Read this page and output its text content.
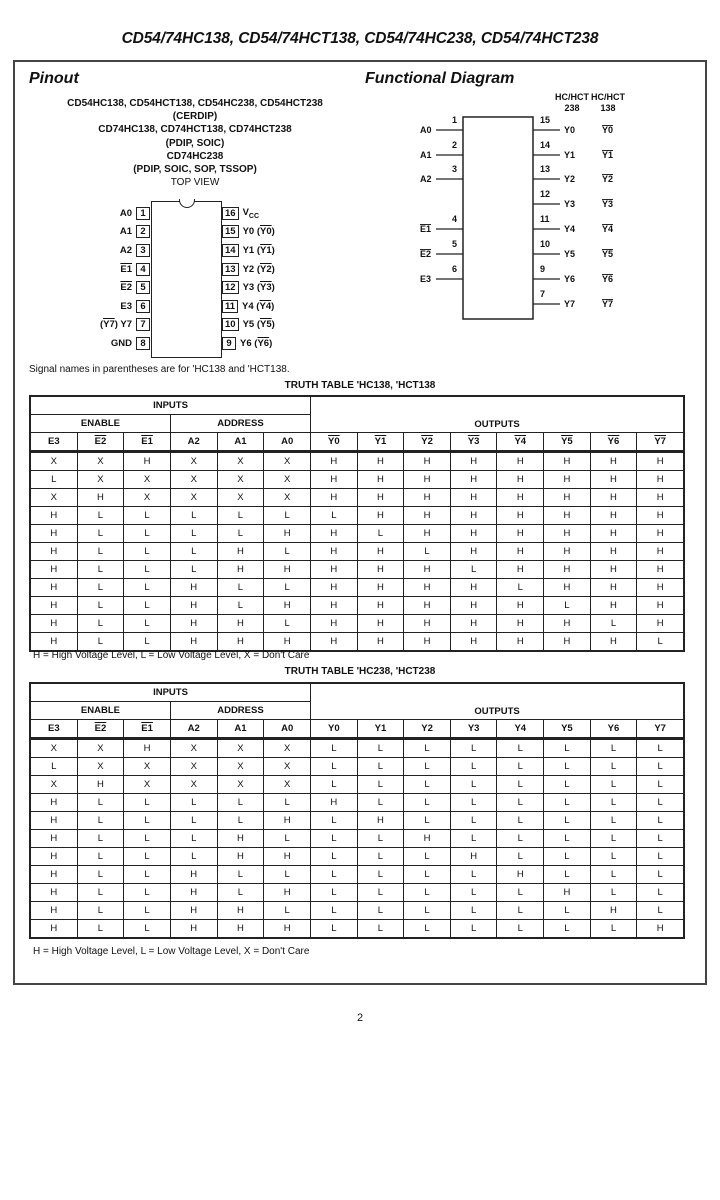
CD54/74HC138, CD54/74HCT138, CD54/74HC238, CD54/74HCT238
Pinout
CD54HC138, CD54HCT138, CD54HC238, CD54HCT238
(CERDIP)
CD74HC138, CD74HCT138, CD74HCT238
(PDIP, SOIC)
CD74HC238
(PDIP, SOIC, SOP, TSSOP)
TOP VIEW
A0 1
A1 2
A2 3
E1 4
E2 5
E3 6
(Y7) Y7 7
GND 8
16 $V_{CC}$
15 Y0 (Y0)
14 Y1 (Y1)
13 Y2 (Y2)
12 Y3 (Y3)
11 Y4 (Y4)
10 Y5 (Y5)
9 Y6 (Y6)
Functional Diagram
HC/HCT
238
HC/HCT
138
1
A0
2
A1
3
A2
4
E1
5
E2
6
E3
15
Y0	Y0
14
Y1	Y1
13
Y2	Y2
12
Y3	Y3
11
Y4	Y4
10
Y5	Y5
9
Y6	Y6
7
Y7	Y7
Signal names in parentheses are for 'HC138 and 'HCT138.
TRUTH TABLE 'HC138, 'HCT138
INPUTS						OUTPUTS							
ENABLE			ADDRESS										
E3	E2	E1	A2	A1	A0	Y0	Y1	Y2	Y3	Y4	Y5	Y6	Y7
X	X	H	X	X	X	H	H	H	H	H	H	H	H
L	X	X	X	X	X	H	H	H	H	H	H	H	H
X	H	X	X	X	X	H	H	H	H	H	H	H	H
H	L	L	L	L	L	L	H	H	H	H	H	H	H
H	L	L	L	L	H	H	L	H	H	H	H	H	H
H	L	L	L	H	L	H	H	L	H	H	H	H	H
H	L	L	L	H	H	H	H	H	L	H	H	H	H
H	L	L	H	L	L	H	H	H	H	L	H	H	H
H	L	L	H	L	H	H	H	H	H	H	L	H	H
H	L	L	H	H	L	H	H	H	H	H	H	L	H
H	L	L	H	H	H	H	H	H	H	H	H	H	L
H = High Voltage Level, L = Low Voltage Level, X = Don't Care
TRUTH TABLE 'HC238, 'HCT238
INPUTS						OUTPUTS							
ENABLE			ADDRESS										
E3	E2	E1	A2	A1	A0	Y0	Y1	Y2	Y3	Y4	Y5	Y6	Y7
X	X	H	X	X	X	L	L	L	L	L	L	L	L
L	X	X	X	X	X	L	L	L	L	L	L	L	L
X	H	X	X	X	X	L	L	L	L	L	L	L	L
H	L	L	L	L	L	H	L	L	L	L	L	L	L
H	L	L	L	L	H	L	H	L	L	L	L	L	L
H	L	L	L	H	L	L	L	H	L	L	L	L	L
H	L	L	L	H	H	L	L	L	H	L	L	L	L
H	L	L	H	L	L	L	L	L	L	H	L	L	L
H	L	L	H	L	H	L	L	L	L	L	H	L	L
H	L	L	H	H	L	L	L	L	L	L	L	H	L
H	L	L	H	H	H	L	L	L	L	L	L	L	H
H = High Voltage Level, L = Low Voltage Level, X = Don't Care
2
